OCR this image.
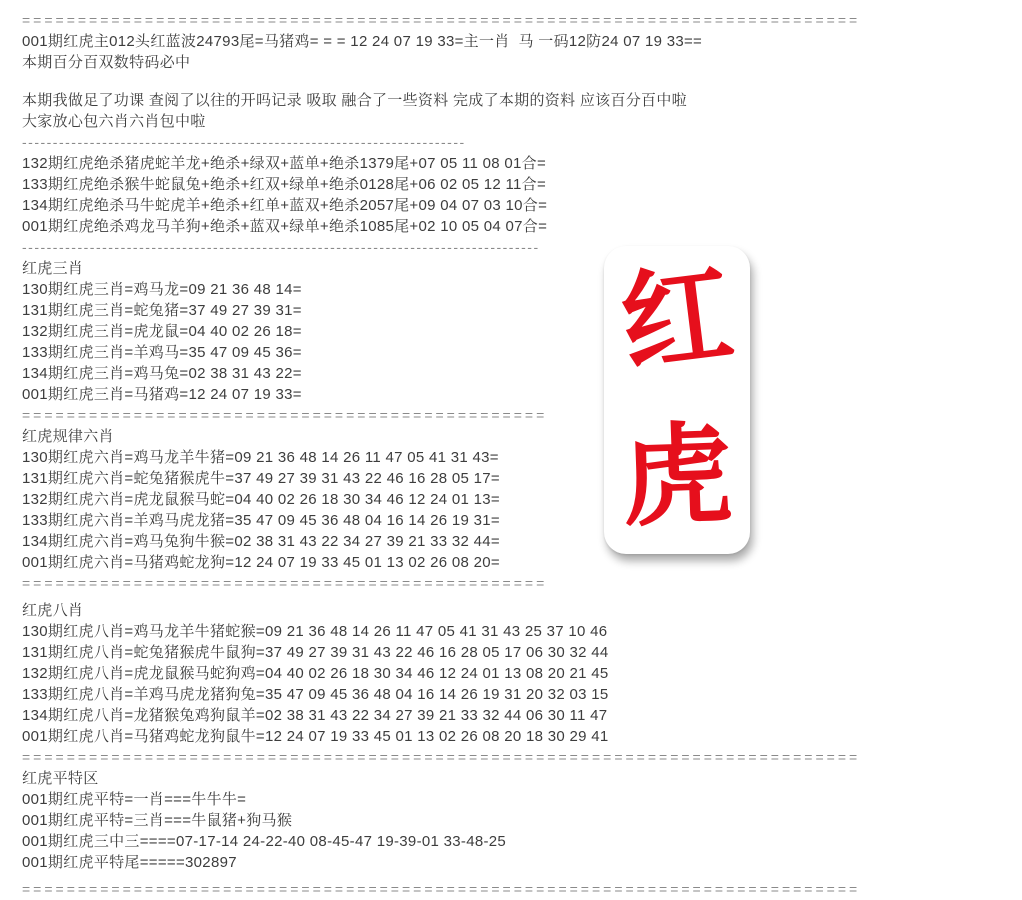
===========================================================================
001期红虎主012头红蓝波24793尾=马猪鸡= = = 12 24 07 19 33=主一肖  马 一码12防24 07 19 33==
本期百分百双数特码必中
本期我做足了功课 查阅了以往的开吗记录 吸取 融合了一些资料 完成了本期的资料 应该百分百中啦
大家放心包六肖六肖包中啦
------------------------------------------------------------------------
132期红虎绝杀猪虎蛇羊龙+绝杀+绿双+蓝单+绝杀1379尾+07 05 11 08 01合=
133期红虎绝杀猴牛蛇鼠兔+绝杀+红双+绿单+绝杀0128尾+06 02 05 12 11合=
134期红虎绝杀马牛蛇虎羊+绝杀+红单+蓝双+绝杀2057尾+09 04 07 03 10合=
001期红虎绝杀鸡龙马羊狗+绝杀+蓝双+绿单+绝杀1085尾+02 10 05 04 07合=
------------------------------------------------------------------------------------
红虎三肖
130期红虎三肖=鸡马龙=09 21 36 48 14=
131期红虎三肖=蛇兔猪=37 49 27 39 31=
132期红虎三肖=虎龙鼠=04 40 02 26 18=
133期红虎三肖=羊鸡马=35 47 09 45 36=
134期红虎三肖=鸡马兔=02 38 31 43 22=
001期红虎三肖=马猪鸡=12 24 07 19 33=
===============================================
红虎规律六肖
130期红虎六肖=鸡马龙羊牛猪=09 21 36 48 14 26 11 47 05 41 31 43=
131期红虎六肖=蛇兔猪猴虎牛=37 49 27 39 31 43 22 46 16 28 05 17=
132期红虎六肖=虎龙鼠猴马蛇=04 40 02 26 18 30 34 46 12 24 01 13=
133期红虎六肖=羊鸡马虎龙猪=35 47 09 45 36 48 04 16 14 26 19 31=
134期红虎六肖=鸡马兔狗牛猴=02 38 31 43 22 34 27 39 21 33 32 44=
001期红虎六肖=马猪鸡蛇龙狗=12 24 07 19 33 45 01 13 02 26 08 20=
===============================================
红虎八肖
130期红虎八肖=鸡马龙羊牛猪蛇猴=09 21 36 48 14 26 11 47 05 41 31 43 25 37 10 46
131期红虎八肖=蛇兔猪猴虎牛鼠狗=37 49 27 39 31 43 22 46 16 28 05 17 06 30 32 44
132期红虎八肖=虎龙鼠猴马蛇狗鸡=04 40 02 26 18 30 34 46 12 24 01 13 08 20 21 45
133期红虎八肖=羊鸡马虎龙猪狗兔=35 47 09 45 36 48 04 16 14 26 19 31 20 32 03 15
134期红虎八肖=龙猪猴兔鸡狗鼠羊=02 38 31 43 22 34 27 39 21 33 32 44 06 30 11 47
001期红虎八肖=马猪鸡蛇龙狗鼠牛=12 24 07 19 33 45 01 13 02 26 08 20 18 30 29 41
===========================================================================
红虎平特区
001期红虎平特=一肖===牛牛牛=
001期红虎平特=三肖===牛鼠猪+狗马猴
001期红虎三中三====07-17-14 24-22-40 08-45-47 19-39-01 33-48-25
001期红虎平特尾=====302897
===========================================================================
红
虎
